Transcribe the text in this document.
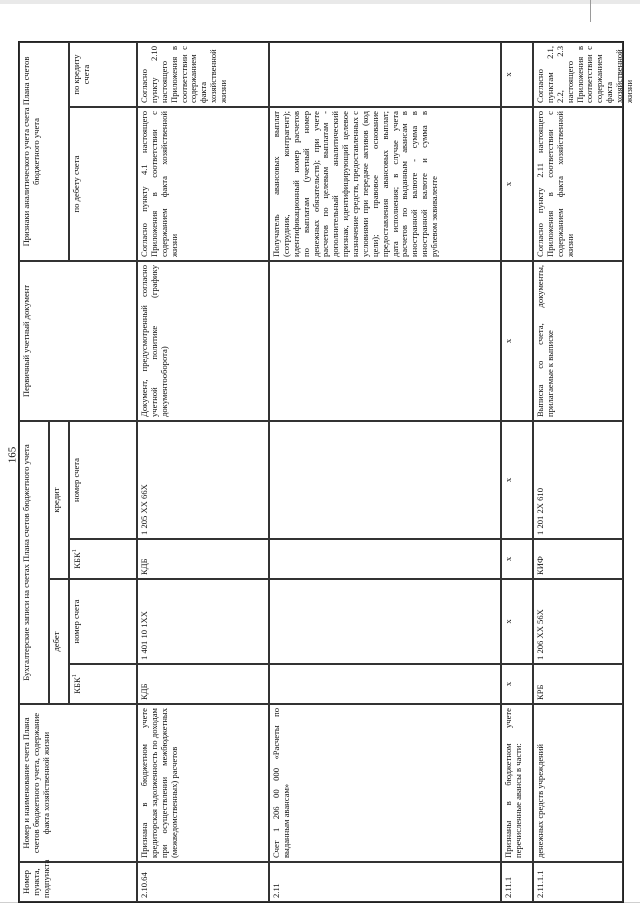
165
Номер пункта, подпункта
Номер и наименование счета Плана счетов бюджетного учета, содержание факта хозяйственной жизни
Бухгалтерские записи на счетах Плана счетов бюджетного учета дебет
кредит
КБК$^1$
номер счета
КБК$^1$
номер счета
Первичный учетный документ
Признаки аналитического учета счета Плана счетов бюджетного учета	по дебету счета
по кредиту счета
2.10.64
Признана в бюджетном учете кредиторская задолженность по доходам при осуществлении межбюджетных (межведомственных) расчетов
КДБ
1 401 10 1XX
КДБ
1 205 XX 66X
Документ, предусмотренный согласно учетной политике (графику документооборота)
Согласно пункту 4.1 настоящего Приложения в соответствии с содержанием факта хозяйственной жизни
Согласно пункту 2.10 настоящего Приложения в соответствии с содержанием факта хозяйственной жизни
2.11
Счет 1 206 00 000 «Расчеты по выданным авансам»
Получатель авансовых выплат (сотрудник, контрагент); идентификационный номер расчетов по выплатам (учетный номер денежных обязательств); при учете расчетов по целевым выплатам - дополнительный аналитический признак, идентифицирующий целевое назначение средств, предоставленных с условиями при передаче активов (код цели); правовое основание предоставления авансовых выплат; дата исполнения; в случае учета расчетов по выданным авансам в иностранной валюте - сумма в иностранной валюте и сумма в рублевом эквиваленте
2.11.1
Признаны в бюджетном учете перечисленные авансы в части:
x
x
x
x
x
x
x
2.11.1.1
денежных средств учреждений
КРБ
1 206 XX 56X
КИФ
1 201 2X 610
Выписка со счета, документы, прилагаемые к выписке
Согласно пункту 2.11 настоящего Приложения в соответствии с содержанием факта хозяйственной жизни
Согласно пунктам 2.1, 2.2, 2.3 настоящего Приложения в соответствии с содержанием факта хозяйственной жизни
